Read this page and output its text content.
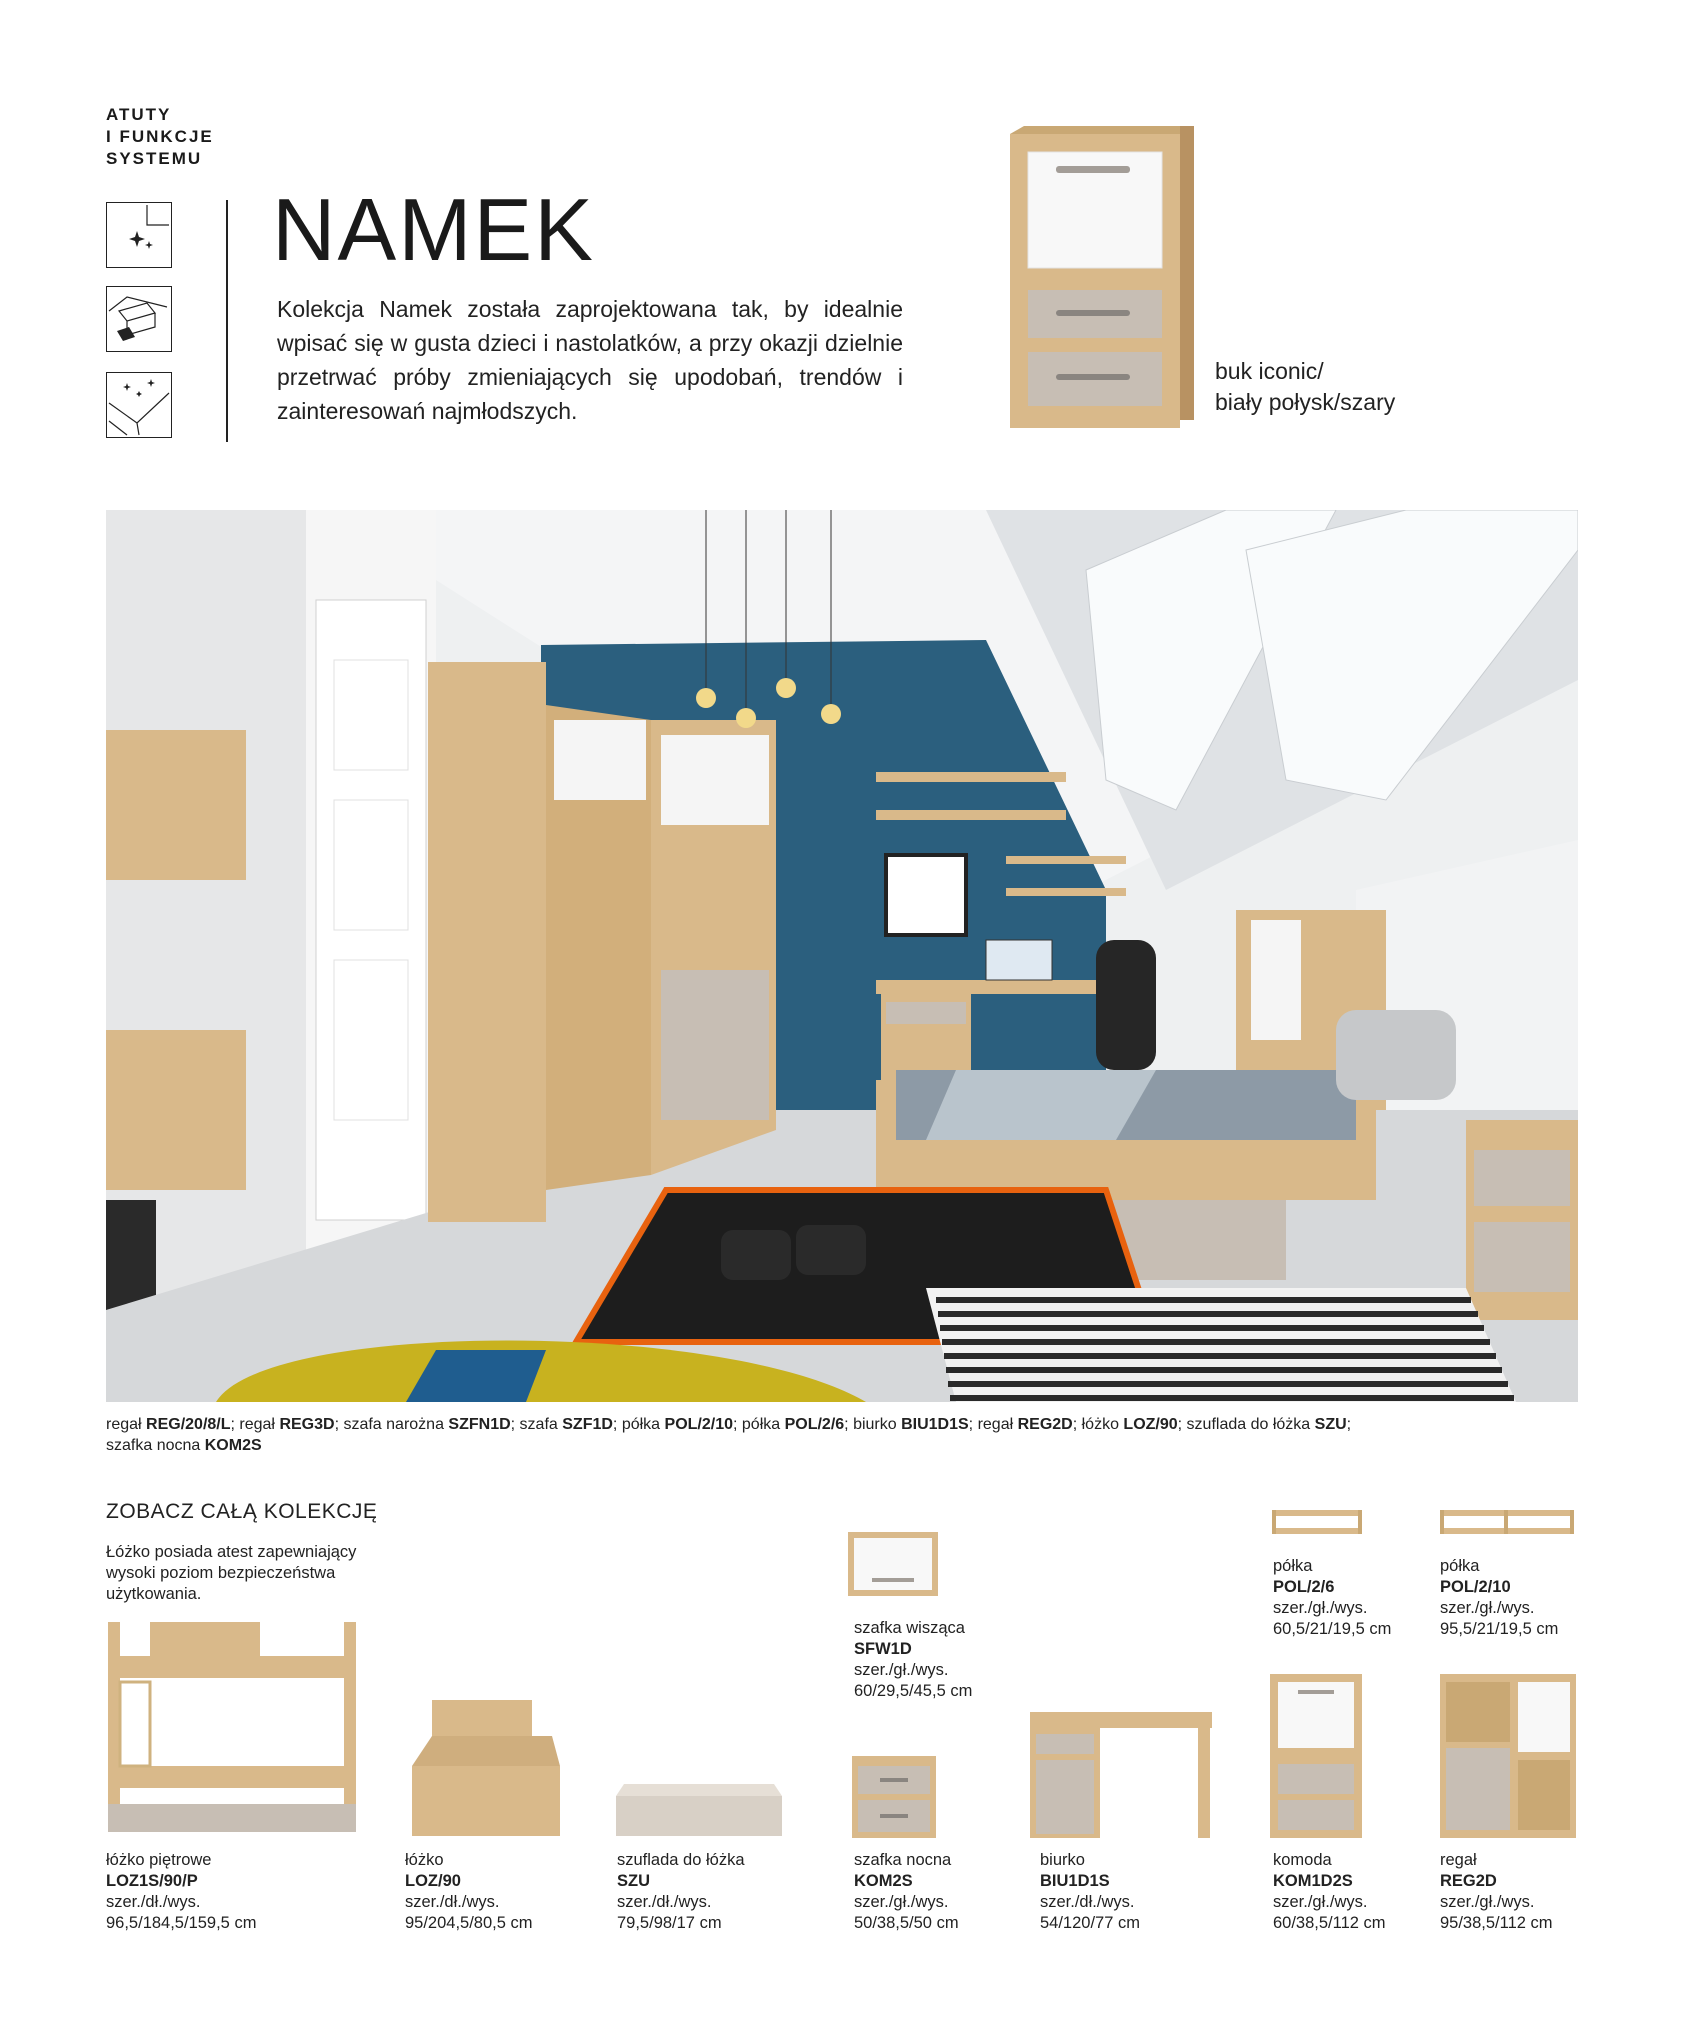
ATUTY
I FUNKCJE
SYSTEMU
NAMEK
Kolekcja Namek została zaprojektowana tak, by idealnie wpisać się w gusta dzieci i nastolatków, a przy okazji dzielnie przetrwać próby zmieniających się upodobań, trendów i zainteresowań najmłodszych.
buk iconic/
biały połysk/szary
regał REG/20/8/L; regał REG3D; szafa narożna SZFN1D; szafa SZF1D; półka POL/2/10; półka POL/2/6; biurko BIU1D1S; regał REG2D; łóżko LOZ/90; szuflada do łóżka SZU;
szafka nocna KOM2S
ZOBACZ CAŁĄ KOLEKCJĘ
Łóżko posiada atest zapewniający wysoki poziom bezpieczeństwa użytkowania.
łóżko piętrowe
LOZ1S/90/P
szer./dł./wys.
96,5/184,5/159,5 cm
łóżko
LOZ/90
szer./dł./wys.
95/204,5/80,5 cm
szuflada do łóżka
SZU
szer./dł./wys.
79,5/98/17 cm
szafka nocna
KOM2S
szer./gł./wys.
50/38,5/50 cm
biurko
BIU1D1S
szer./dł./wys.
54/120/77 cm
komoda
KOM1D2S
szer./gł./wys.
60/38,5/112 cm
regał
REG2D
szer./gł./wys.
95/38,5/112 cm
szafka wisząca
SFW1D
szer./gł./wys.
60/29,5/45,5 cm
półka
POL/2/6
szer./gł./wys.
60,5/21/19,5 cm
półka
POL/2/10
szer./gł./wys.
95,5/21/19,5 cm
